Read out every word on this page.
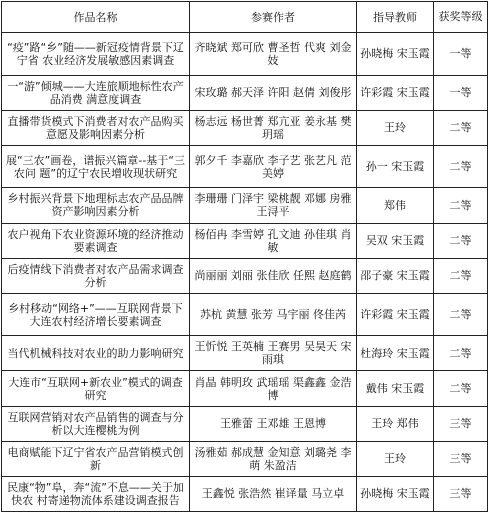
作品名称	参赛作者	指导教师	获奖等级
“疫”路“乡”随——新冠疫情背景下辽宁省 农业经济发展敏感因素调查	齐晓斌 郑可欣 曹圣哲 代爽 刘金妓	孙晓梅 宋玉霞	一等
一“游”倾城——大连旅顺地标性农产品消费 满意度调查	宋玫璐 郝天泽 许阳 赵倩 刘俊彤	许彩霞 宋玉霞	一等
直播带货模式下消费者对农产品购买意愿及影响因素分析	杨志远 杨世菁 郑亢亚 姜永基 樊玥瑶	王玲	二等
展“三农”画卷，谱振兴篇章--基于“三农问 题”的辽宁农民增收现状研究	郭夕千 李嘉欣 李子艺 张艺凡 范美婷	孙一 宋玉霞	二等
乡村振兴背景下地理标志农产品品牌资产影响因素分析	李珊珊 门泽宇 梁桃靓 邓娜 房雅 王浔平	郑伟	二等
农户视角下农业资源环境的经济推动要素调查	杨佰冉 李雪婷 孔文迪 孙佳琪 肖敏	吴双 宋玉霞	二等
后疫情线下消费者对农产品需求调查分析	尚丽丽 刘丽 张佳欣 任熙 赵庭鹤	邵子豪 宋玉霞	二等
乡村移动“网络+”——互联网背景下大连农村经济增长要素调查	苏杭 黄慧 张芳 马宇丽 佟佳芮	许彩霞 宋玉霞	二等
当代机械科技对农业的助力影响研究	王忻悦 王英楠 王赛男 吴昊天 宋雨琪	杜海玲 宋玉霞	二等
大连市“互联网+新农业”模式的调查研究	肖晶 韩明玫 武瑶瑶 渠鑫鑫 金浩博	戴伟 宋玉霞	二等
互联网营销对农产品销售的调查与分析以大连樱桃为例	王雅蕾 王邓雄 王恩博	王玲 郑伟	三等
电商赋能下辽宁省农产品营销模式创新	汤雅茹 郝成慧 金知意 刘璐尧 李萌 朱盈洁	王玲	三等
民康“物”阜，奔“流”不息——关于加快农 村寄递物流体系建设调查报告	王鑫悦 张浩然 崔译量 马立卓	孙晓梅 宋玉霞	三等
